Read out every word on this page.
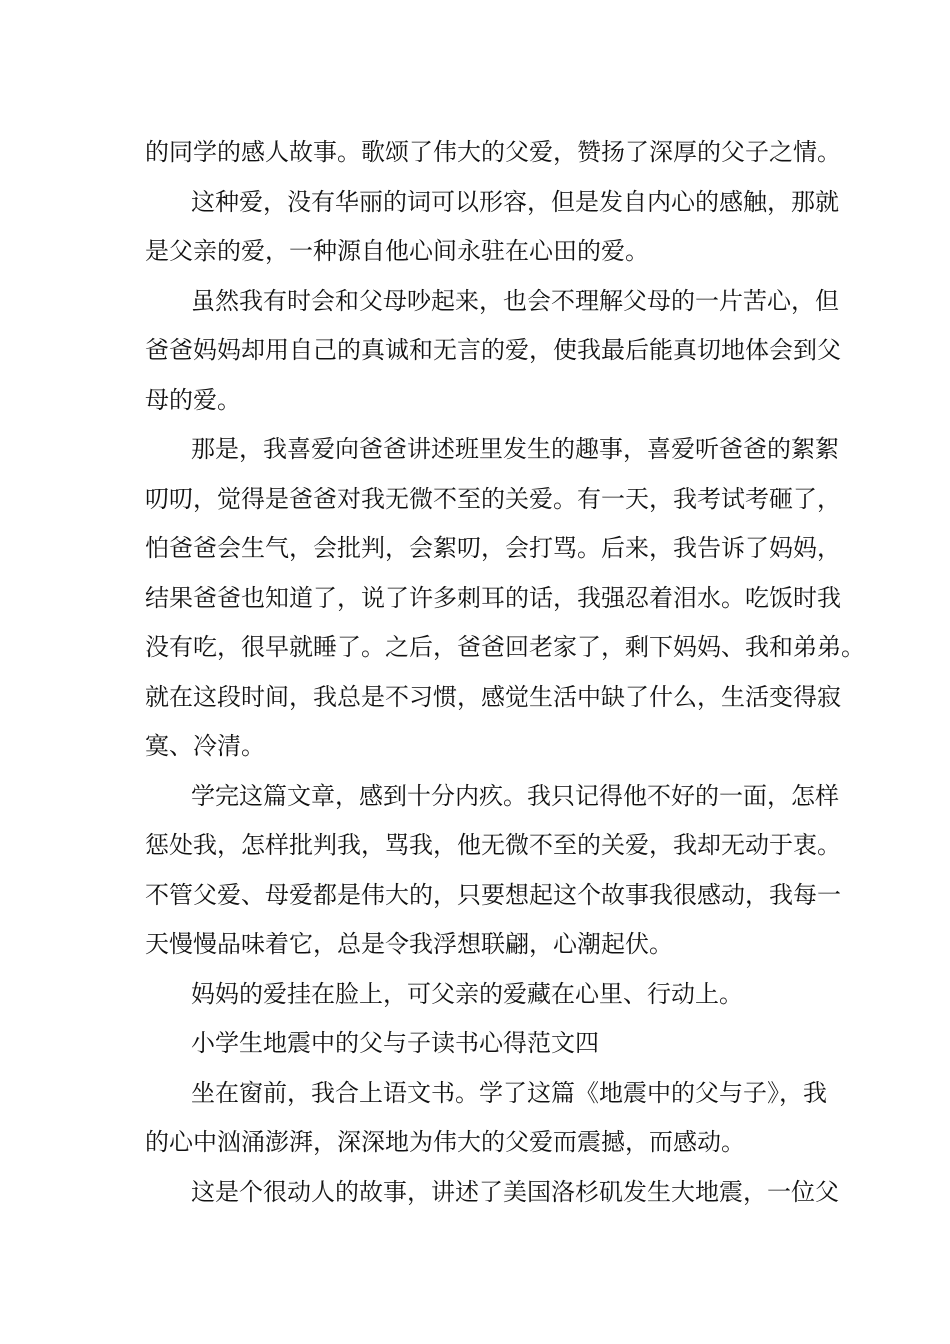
的同学的感人故事。歌颂了伟大的父爱，赞扬了深厚的父子之情。
这种爱，没有华丽的词可以形容，但是发自内心的感触，那就
是父亲的爱，一种源自他心间永驻在心田的爱。
虽然我有时会和父母吵起来，也会不理解父母的一片苦心，但
爸爸妈妈却用自己的真诚和无言的爱，使我最后能真切地体会到父
母的爱。
那是，我喜爱向爸爸讲述班里发生的趣事，喜爱听爸爸的絮絮
叨叨，觉得是爸爸对我无微不至的关爱。有一天，我考试考砸了，
怕爸爸会生气，会批判，会絮叨，会打骂。后来，我告诉了妈妈，
结果爸爸也知道了，说了许多刺耳的话，我强忍着泪水。吃饭时我
没有吃，很早就睡了。之后，爸爸回老家了，剩下妈妈、我和弟弟。
就在这段时间，我总是不习惯，感觉生活中缺了什么，生活变得寂
寞、冷清。
学完这篇文章，感到十分内疚。我只记得他不好的一面，怎样
惩处我，怎样批判我，骂我，他无微不至的关爱，我却无动于衷。
不管父爱、母爱都是伟大的，只要想起这个故事我很感动，我每一
天慢慢品味着它，总是令我浮想联翩，心潮起伏。
妈妈的爱挂在脸上，可父亲的爱藏在心里、行动上。
小学生地震中的父与子读书心得范文四
坐在窗前，我合上语文书。学了这篇《地震中的父与子》，我
的心中汹涌澎湃，深深地为伟大的父爱而震撼，而感动。
这是个很动人的故事，讲述了美国洛杉矶发生大地震，一位父
